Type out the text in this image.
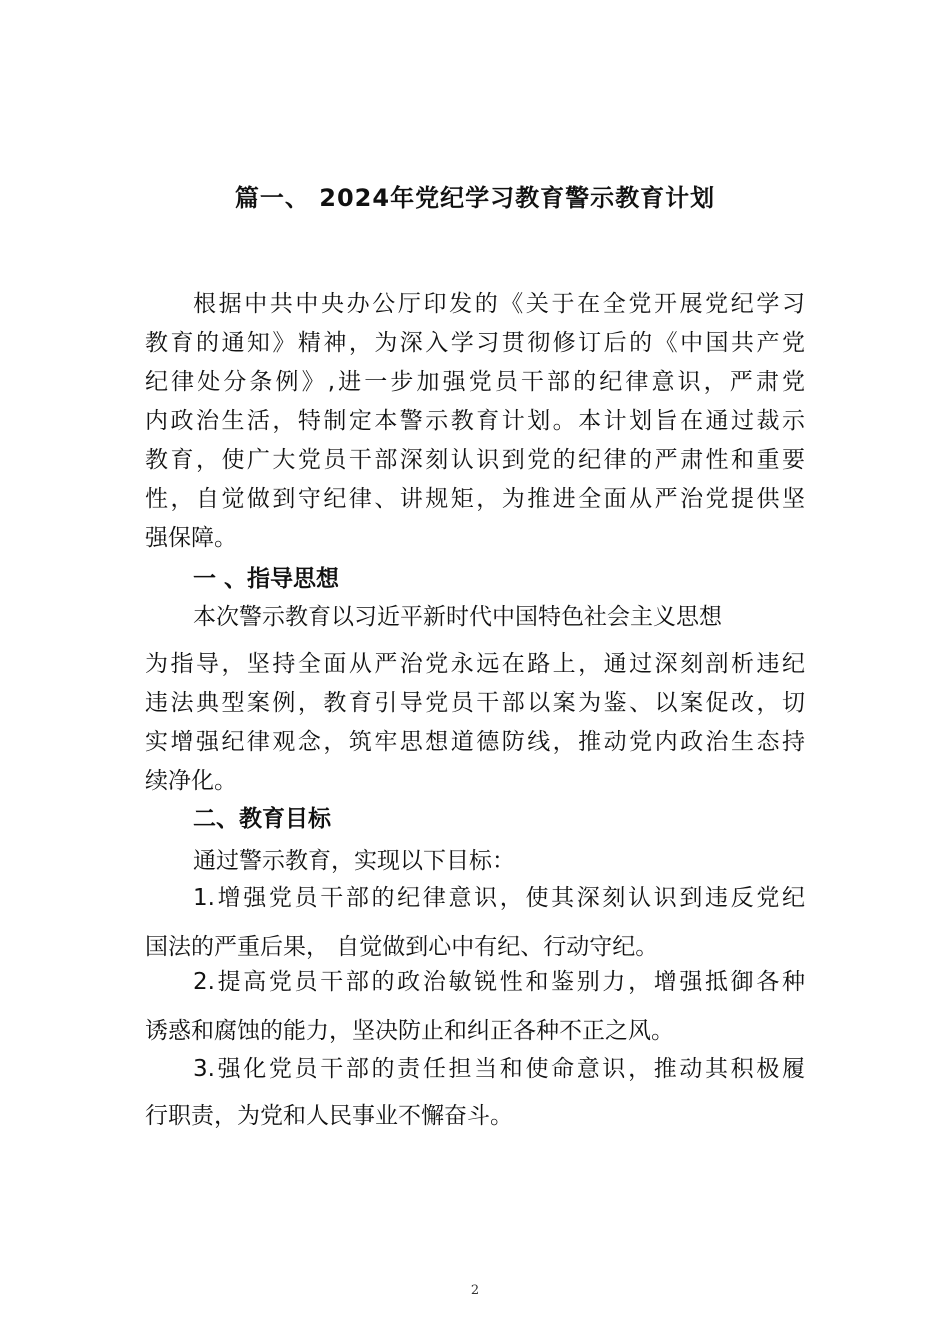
篇一、 2024年党纪学习教育警示教育计划

根据中共中央办公厅印发的《关于在全党开展党纪学习

教育的通知》精神，为深入学习贯彻修订后的《中国共产党

纪律处分条例》,进一步加强党员干部的纪律意识，严肃党

内政治生活，特制定本警示教育计划。本计划旨在通过裁示

教育，使广大党员干部深刻认识到党的纪律的严肃性和重要

性，自觉做到守纪律、讲规矩，为推进全面从严治党提供坚

强保障。

一 、指导思想

本次警示教育以习近平新时代中国特色社会主义思想

为指导，坚持全面从严治党永远在路上，通过深刻剖析违纪

违法典型案例，教育引导党员干部以案为鉴、以案促改，切

实增强纪律观念，筑牢思想道德防线，推动党内政治生态持

续净化。

二、教育目标

通过警示教育，实现以下目标：

1.增强党员干部的纪律意识，使其深刻认识到违反党纪

国法的严重后果， 自觉做到心中有纪、行动守纪。

2.提高党员干部的政治敏锐性和鉴别力，增强抵御各种

诱惑和腐蚀的能力，坚决防止和纠正各种不正之风。

3.强化党员干部的责任担当和使命意识，推动其积极履

行职责，为党和人民事业不懈奋斗。

2
